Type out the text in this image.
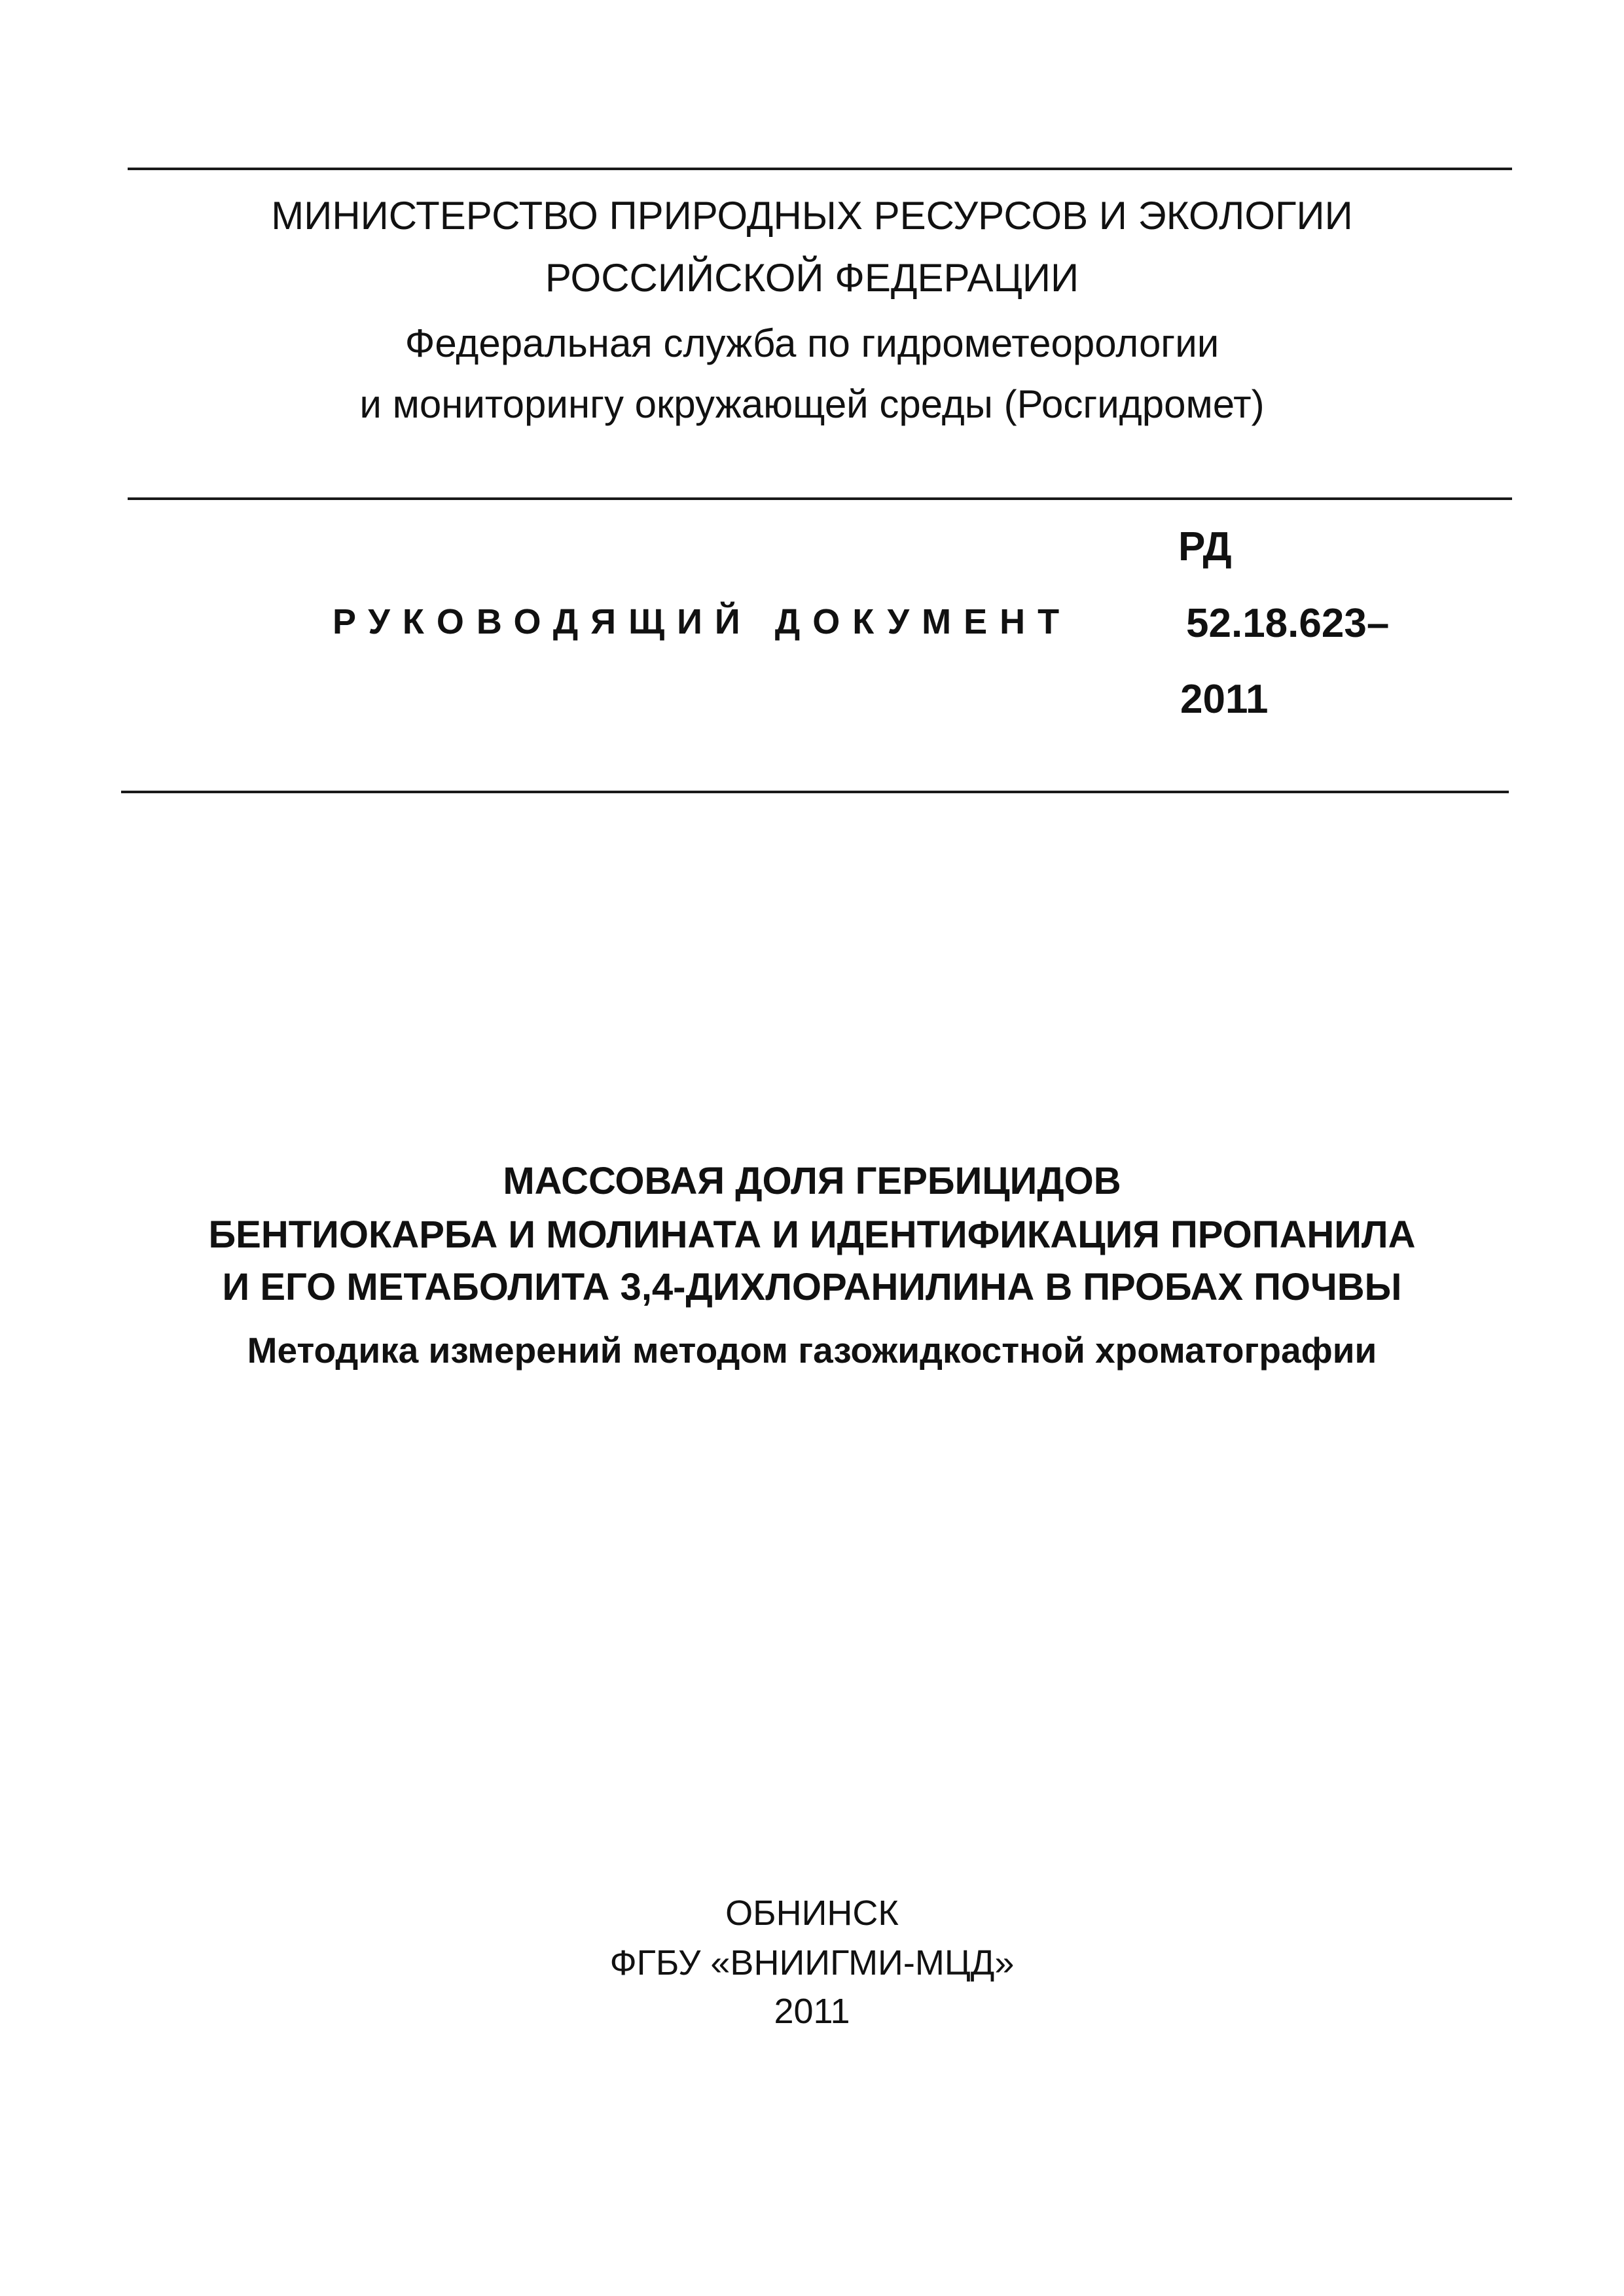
МИНИСТЕРСТВО ПРИРОДНЫХ РЕСУРСОВ И ЭКОЛОГИИ

РОССИЙСКОЙ ФЕДЕРАЦИИ

Федеральная служба по гидрометеорологии

и мониторингу окружающей среды (Росгидромет)

РУКОВОДЯЩИЙ ДОКУМЕНТ
РД
52.18.623–
2011
МАССОВАЯ ДОЛЯ ГЕРБИЦИДОВ
БЕНТИОКАРБА И МОЛИНАТА И ИДЕНТИФИКАЦИЯ ПРОПАНИЛА
И ЕГО МЕТАБОЛИТА 3,4-ДИХЛОРАНИЛИНА В ПРОБАХ ПОЧВЫ
Методика измерений методом газожидкостной хроматографии
ОБНИНСК
ФГБУ «ВНИИГМИ-МЦД»
2011
